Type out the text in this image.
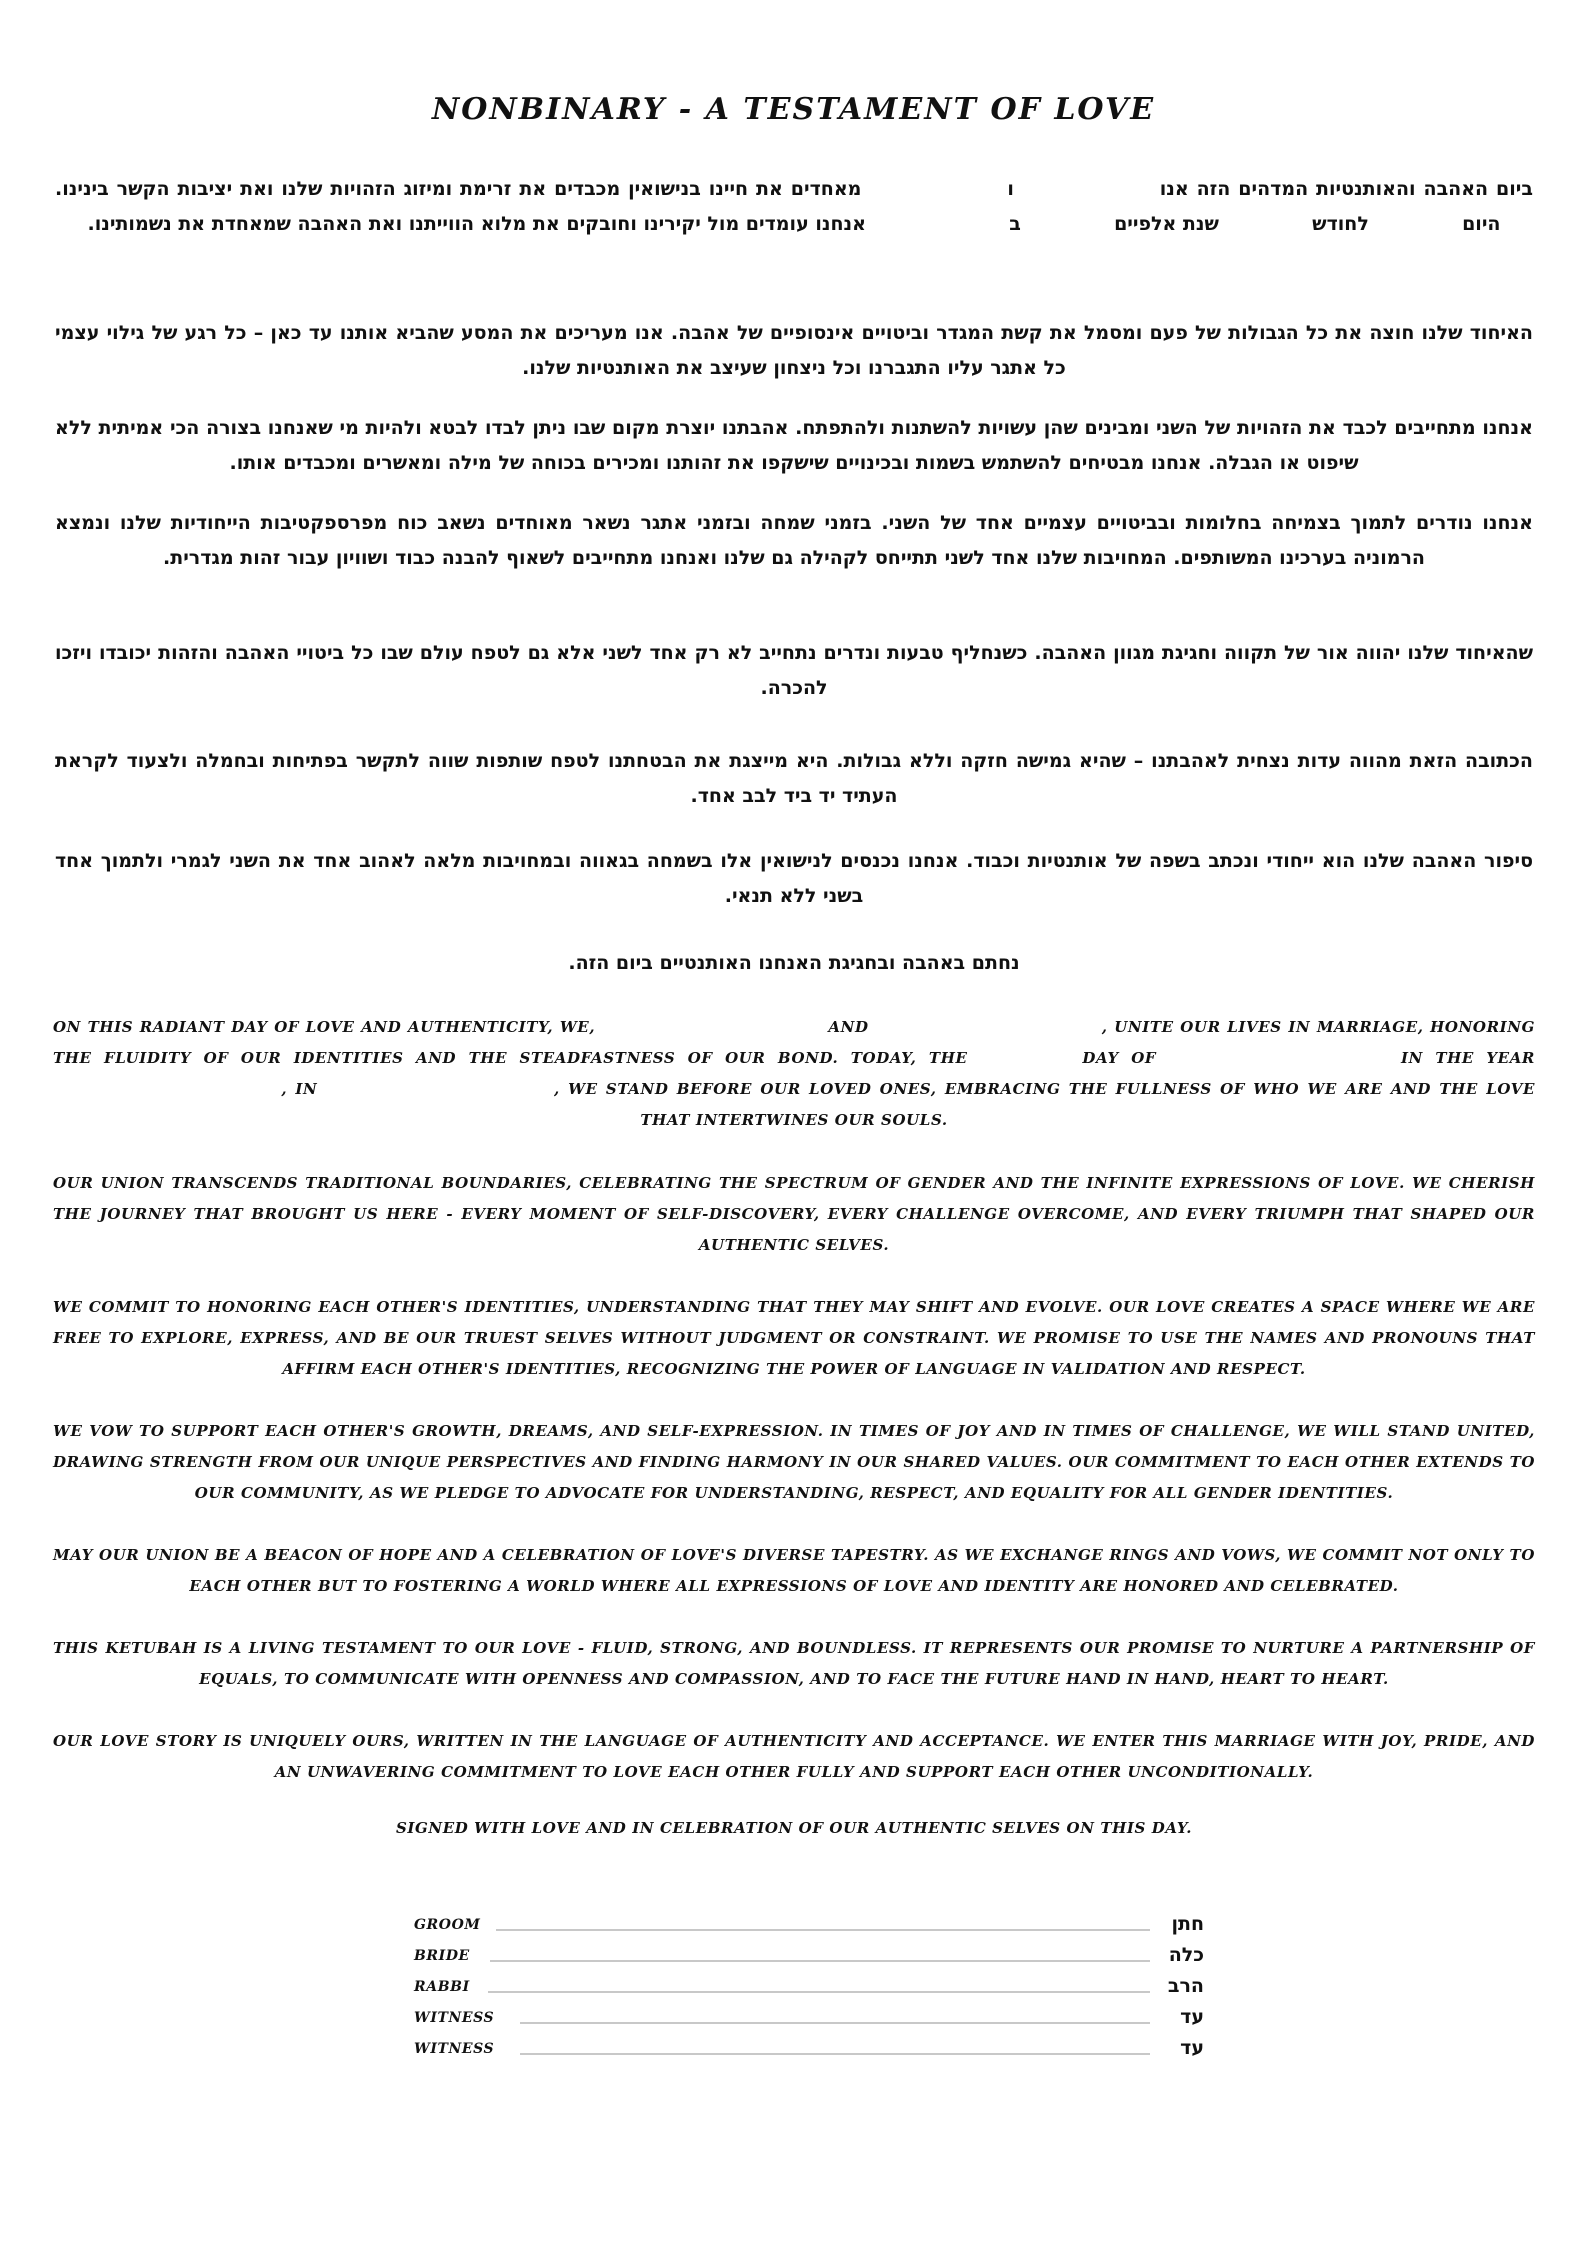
NONBINARY - A TESTAMENT OF LOVE

ביום האהבה והאותנטיות המדהים הזה אנו  ו  מאחדים את חיינו בנישואין מכבדים את זרימת ומיזוג הזהויות שלנו ואת יציבות הקשר בינינו. היום  לחודש  שנת אלפיים  ב  אנחנו עומדים מול יקירינו וחובקים את מלוא הווייתנו ואת האהבה שמאחדת את נשמותינו.

האיחוד שלנו חוצה את כל הגבולות של פעם ומסמל את קשת המגדר וביטויים אינסופיים של אהבה. אנו מעריכים את המסע שהביא אותנו עד כאן – כל רגע של גילוי עצמי כל אתגר עליו התגברנו וכל ניצחון שעיצב את האותנטיות שלנו.

אנחנו מתחייבים לכבד את הזהויות של השני ומבינים שהן עשויות להשתנות ולהתפתח. אהבתנו יוצרת מקום שבו ניתן לבדו לבטא ולהיות מי שאנחנו בצורה הכי אמיתית ללא שיפוט או הגבלה. אנחנו מבטיחים להשתמש בשמות ובכינויים שישקפו את זהותנו ומכירים בכוחה של מילה ומאשרים ומכבדים אותו.

אנחנו נודרים לתמוך בצמיחה בחלומות ובביטויים עצמיים אחד של השני. בזמני שמחה ובזמני אתגר נשאר מאוחדים נשאב כוח מפרספקטיבות הייחודיות שלנו ונמצא הרמוניה בערכינו המשותפים. המחויבות שלנו אחד לשני תתייחס לקהילה גם שלנו ואנחנו מתחייבים לשאוף להבנה כבוד ושוויון עבור זהות מגדרית.

שהאיחוד שלנו יהווה אור של תקווה וחגיגת מגוון האהבה. כשנחליף טבעות ונדרים נתחייב לא רק אחד לשני אלא גם לטפח עולם שבו כל ביטויי האהבה והזהות יכובדו ויזכו להכרה.

הכתובה הזאת מהווה עדות נצחית לאהבתנו – שהיא גמישה חזקה וללא גבולות. היא מייצגת את הבטחתנו לטפח שותפות שווה לתקשר בפתיחות ובחמלה ולצעוד לקראת העתיד יד ביד לבב אחד.

סיפור האהבה שלנו הוא ייחודי ונכתב בשפה של אותנטיות וכבוד. אנחנו נכנסים לנישואין אלו בשמחה בגאווה ובמחויבות מלאה לאהוב אחד את השני לגמרי ולתמוך אחד בשני ללא תנאי.

נחתם באהבה ובחגיגת האנחנו האותנטיים ביום הזה.

ON THIS RADIANT DAY OF LOVE AND AUTHENTICITY, WE,	AND	, UNITE OUR LIVES IN MARRIAGE, HONORING THE FLUIDITY OF OUR IDENTITIES AND THE STEADFASTNESS OF OUR BOND. TODAY, THE	DAY OF	IN THE YEAR  , IN	, WE STAND BEFORE OUR LOVED ONES, EMBRACING THE FULLNESS OF WHO WE ARE AND THE LOVE THAT INTERTWINES OUR SOULS.

OUR UNION TRANSCENDS TRADITIONAL BOUNDARIES, CELEBRATING THE SPECTRUM OF GENDER AND THE INFINITE EXPRESSIONS OF LOVE. WE CHERISH THE JOURNEY THAT BROUGHT US HERE - EVERY MOMENT OF SELF-DISCOVERY, EVERY CHALLENGE OVERCOME, AND EVERY TRIUMPH THAT SHAPED OUR AUTHENTIC SELVES.

WE COMMIT TO HONORING EACH OTHER'S IDENTITIES, UNDERSTANDING THAT THEY MAY SHIFT AND EVOLVE. OUR LOVE CREATES A SPACE WHERE WE ARE FREE TO EXPLORE, EXPRESS, AND BE OUR TRUEST SELVES WITHOUT JUDGMENT OR CONSTRAINT. WE PROMISE TO USE THE NAMES AND PRONOUNS THAT AFFIRM EACH OTHER'S IDENTITIES, RECOGNIZING THE POWER OF LANGUAGE IN VALIDATION AND RESPECT.

WE VOW TO SUPPORT EACH OTHER'S GROWTH, DREAMS, AND SELF-EXPRESSION. IN TIMES OF JOY AND IN TIMES OF CHALLENGE, WE WILL STAND UNITED, DRAWING STRENGTH FROM OUR UNIQUE PERSPECTIVES AND FINDING HARMONY IN OUR SHARED VALUES. OUR COMMITMENT TO EACH OTHER EXTENDS TO OUR COMMUNITY, AS WE PLEDGE TO ADVOCATE FOR UNDERSTANDING, RESPECT, AND EQUALITY FOR ALL GENDER IDENTITIES.

MAY OUR UNION BE A BEACON OF HOPE AND A CELEBRATION OF LOVE'S DIVERSE TAPESTRY. AS WE EXCHANGE RINGS AND VOWS, WE COMMIT NOT ONLY TO EACH OTHER BUT TO FOSTERING A WORLD WHERE ALL EXPRESSIONS OF LOVE AND IDENTITY ARE HONORED AND CELEBRATED.

THIS KETUBAH IS A LIVING TESTAMENT TO OUR LOVE - FLUID, STRONG, AND BOUNDLESS. IT REPRESENTS OUR PROMISE TO NURTURE A PARTNERSHIP OF EQUALS, TO COMMUNICATE WITH OPENNESS AND COMPASSION, AND TO FACE THE FUTURE HAND IN HAND, HEART TO HEART.

OUR LOVE STORY IS UNIQUELY OURS, WRITTEN IN THE LANGUAGE OF AUTHENTICITY AND ACCEPTANCE. WE ENTER THIS MARRIAGE WITH JOY, PRIDE, AND AN UNWAVERING COMMITMENT TO LOVE EACH OTHER FULLY AND SUPPORT EACH OTHER UNCONDITIONALLY.

SIGNED WITH LOVE AND IN CELEBRATION OF OUR AUTHENTIC SELVES ON THIS DAY.

GROOM	חתן
BRIDE	כלה
RABBI	הרב
WITNESS	עד
WITNESS	עד
